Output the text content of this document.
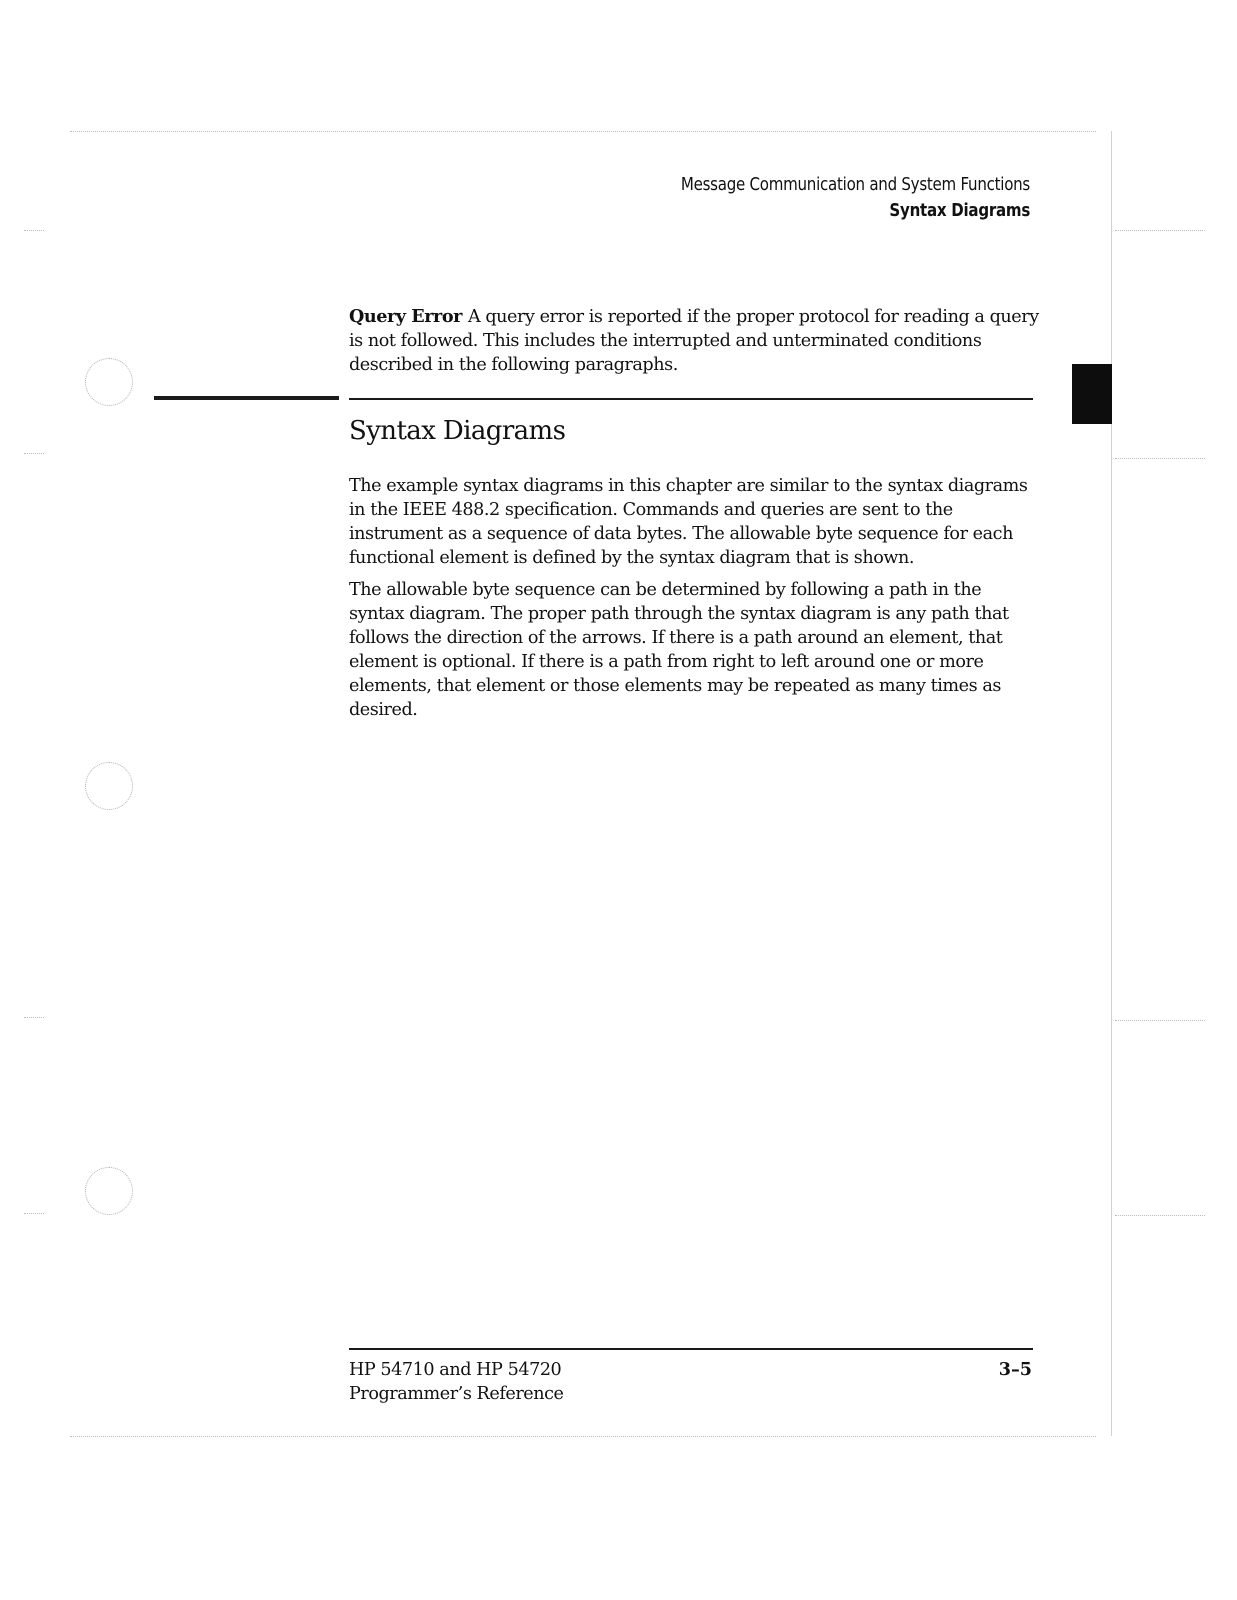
Message Communication and System Functions
Syntax Diagrams

Query Error A query error is reported if the proper protocol for reading a query is not followed. This includes the interrupted and unterminated conditions described in the following paragraphs.

Syntax Diagrams

The example syntax diagrams in this chapter are similar to the syntax diagrams in the IEEE 488.2 specification. Commands and queries are sent to the instrument as a sequence of data bytes. The allowable byte sequence for each functional element is defined by the syntax diagram that is shown.

The allowable byte sequence can be determined by following a path in the syntax diagram. The proper path through the syntax diagram is any path that follows the direction of the arrows. If there is a path around an element, that element is optional. If there is a path from right to left around one or more elements, that element or those elements may be repeated as many times as desired.

HP 54710 and HP 54720
Programmer’s Reference
3–5
